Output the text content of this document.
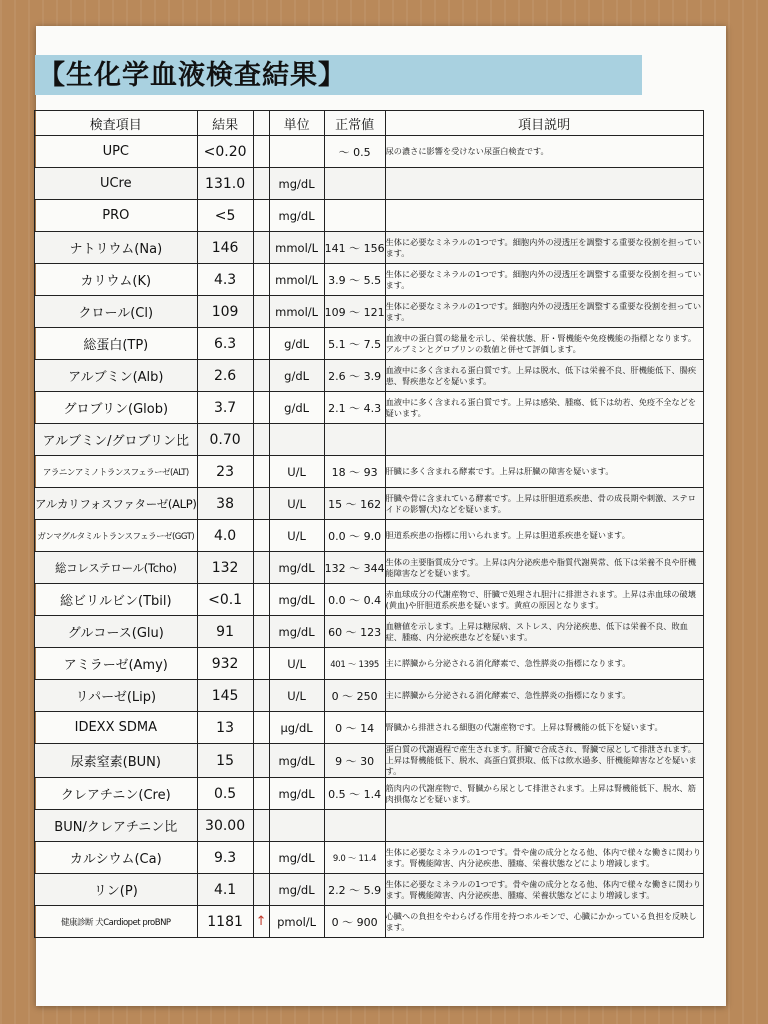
【生化学血液検査結果】
検査項目	結果		単位	正常値	項目説明
UPC	<0.20			～ 0.5	尿の濃さに影響を受けない尿蛋白検査です。
UCre	131.0		mg/dL		
PRO	<5		mg/dL		
ナトリウム(Na)	146		mmol/L	141 ～ 156	生体に必要なミネラルの1つです。細胞内外の浸透圧を調整する重要な役割を担っています。
カリウム(K)	4.3		mmol/L	3.9 ～ 5.5	生体に必要なミネラルの1つです。細胞内外の浸透圧を調整する重要な役割を担っています。
クロール(Cl)	109		mmol/L	109 ～ 121	生体に必要なミネラルの1つです。細胞内外の浸透圧を調整する重要な役割を担っています。
総蛋白(TP)	6.3		g/dL	5.1 ～ 7.5	血液中の蛋白質の総量を示し、栄養状態、肝・腎機能や免疫機能の指標となります。アルブミンとグロブリンの数値と併せて評価します。
アルブミン(Alb)	2.6		g/dL	2.6 ～ 3.9	血液中に多く含まれる蛋白質です。上昇は脱水、低下は栄養不良、肝機能低下、腸疾患、腎疾患などを疑います。
グロブリン(Glob)	3.7		g/dL	2.1 ～ 4.3	血液中に多く含まれる蛋白質です。上昇は感染、腫瘍、低下は幼若、免疫不全などを疑います。
アルブミン/グロブリン比	0.70				
アラニンアミノトランスフェラーゼ(ALT)	23		U/L	18 ～ 93	肝臓に多く含まれる酵素です。上昇は肝臓の障害を疑います。
アルカリフォスファターゼ(ALP)	38		U/L	15 ～ 162	肝臓や骨に含まれている酵素です。上昇は肝胆道系疾患、骨の成長期や刺激、ステロイドの影響(犬)などを疑います。
ガンマグルタミルトランスフェラーゼ(GGT)	4.0		U/L	0.0 ～ 9.0	胆道系疾患の指標に用いられます。上昇は胆道系疾患を疑います。
総コレステロール(Tcho)	132		mg/dL	132 ～ 344	生体の主要脂質成分です。上昇は内分泌疾患や脂質代謝異常、低下は栄養不良や肝機能障害などを疑います。
総ビリルビン(Tbil)	<0.1		mg/dL	0.0 ～ 0.4	赤血球成分の代謝産物で、肝臓で処理され胆汁に排泄されます。上昇は赤血球の破壊(黄血)や肝胆道系疾患を疑います。黄疸の原因となります。
グルコース(Glu)	91		mg/dL	60 ～ 123	血糖値を示します。上昇は糖尿病、ストレス、内分泌疾患、低下は栄養不良、敗血症、腫瘍、内分泌疾患などを疑います。
アミラーゼ(Amy)	932		U/L	401 ～ 1395	主に膵臓から分泌される消化酵素で、急性膵炎の指標になります。
リパーゼ(Lip)	145		U/L	0 ～ 250	主に膵臓から分泌される消化酵素で、急性膵炎の指標になります。
IDEXX SDMA	13		μg/dL	0 ～ 14	腎臓から排泄される細胞の代謝産物です。上昇は腎機能の低下を疑います。
尿素窒素(BUN)	15		mg/dL	9 ～ 30	蛋白質の代謝過程で産生されます。肝臓で合成され、腎臓で尿として排泄されます。上昇は腎機能低下、脱水、高蛋白質摂取、低下は飲水過多、肝機能障害などを疑います。
クレアチニン(Cre)	0.5		mg/dL	0.5 ～ 1.4	筋肉内の代謝産物で、腎臓から尿として排泄されます。上昇は腎機能低下、脱水、筋肉損傷などを疑います。
BUN/クレアチニン比	30.00				
カルシウム(Ca)	9.3		mg/dL	9.0 ～ 11.4	生体に必要なミネラルの1つです。骨や歯の成分となる他、体内で様々な働きに関わります。腎機能障害、内分泌疾患、腫瘍、栄養状態などにより増減します。
リン(P)	4.1		mg/dL	2.2 ～ 5.9	生体に必要なミネラルの1つです。骨や歯の成分となる他、体内で様々な働きに関わります。腎機能障害、内分泌疾患、腫瘍、栄養状態などにより増減します。
健康診断 犬Cardiopet proBNP	1181	↑	pmol/L	0 ～ 900	心臓への負担をやわらげる作用を持つホルモンで、心臓にかかっている負担を反映します。
